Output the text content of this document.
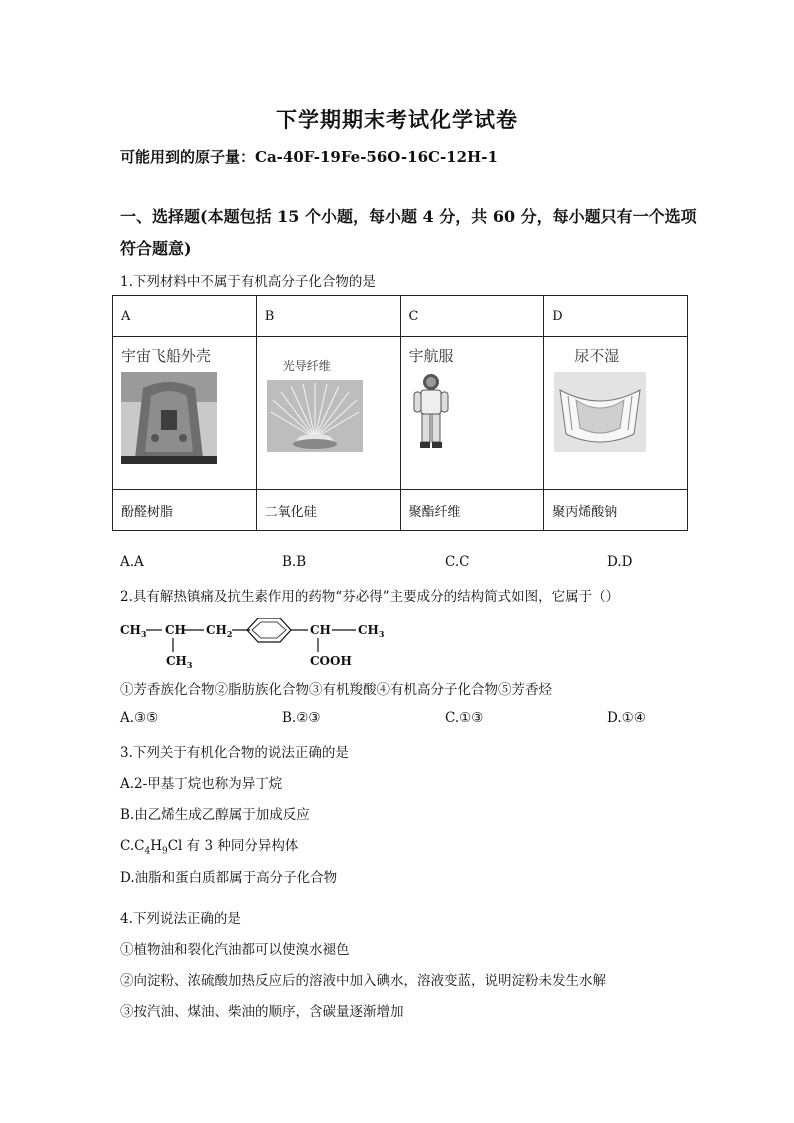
下学期期末考试化学试卷
可能用到的原子量：Ca-40F-19Fe-56O-16C-12H-1
一、选择题(本题包括 15 个小题，每小题 4 分，共 60 分，每小题只有一个选项
符合题意)
1.下列材料中不属于有机高分子化合物的是
A	B	C	D

宇宙飞船外壳	光导纤维	宇航服	尿不湿

酚醛树脂	二氧化硅	聚酯纤维	聚丙烯酸钠
A.A	B.B	C.C	D.D
2.具有解热镇痛及抗生素作用的药物“芬必得”主要成分的结构简式如图，它属于（）
$CH_3$ CH $CH_2$
$CH_3$
CH $CH_3$
COOH
①芳香族化合物②脂肪族化合物③有机羧酸④有机高分子化合物⑤芳香烃
A.③⑤	B.②③	C.①③	D.①④
3.下列关于有机化合物的说法正确的是
A.2-甲基丁烷也称为异丁烷
B.由乙烯生成乙醇属于加成反应
$C.C_4H_9Cl$ 有 3 种同分异构体
D.油脂和蛋白质都属于高分子化合物
4.下列说法正确的是
①植物油和裂化汽油都可以使溴水褪色
②向淀粉、浓硫酸加热反应后的溶液中加入碘水，溶液变蓝，说明淀粉未发生水解
③按汽油、煤油、柴油的顺序，含碳量逐渐增加
